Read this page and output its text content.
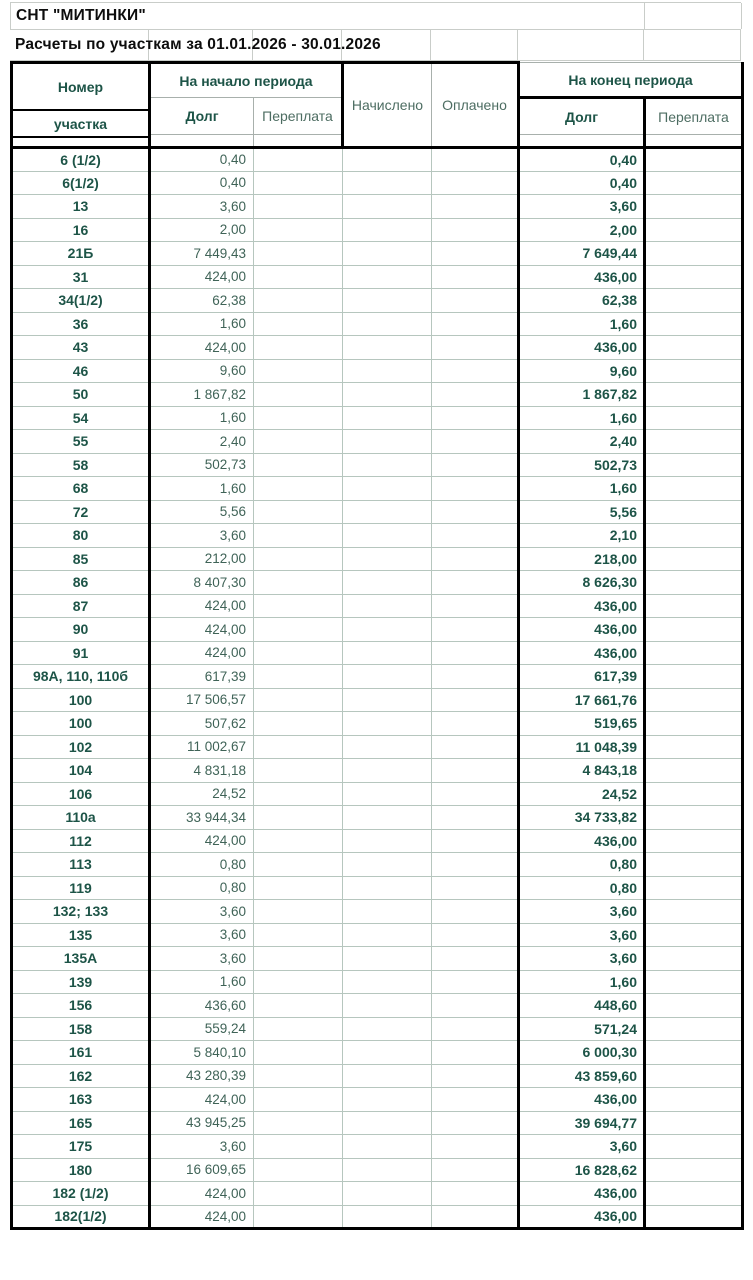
СНТ "МИТИНКИ"
Расчеты по участкам за 01.01.2026 - 30.01.2026
Номер
участка	На начало периода		Начислено	Оплачено	На конец периода	
	Долг	Переплата			Долг	Переплата

6 (1/2)	0,40				0,40	
6(1/2)	0,40				0,40	
13	3,60				3,60	
16	2,00				2,00	
21Б	7 449,43				7 649,44	
31	424,00				436,00	
34(1/2)	62,38				62,38	
36	1,60				1,60	
43	424,00				436,00	
46	9,60				9,60	
50	1 867,82				1 867,82	
54	1,60				1,60	
55	2,40				2,40	
58	502,73				502,73	
68	1,60				1,60	
72	5,56				5,56	
80	3,60				2,10	
85	212,00				218,00	
86	8 407,30				8 626,30	
87	424,00				436,00	
90	424,00				436,00	
91	424,00				436,00	
98А, 110, 110б	617,39				617,39	
100	17 506,57				17 661,76	
100	507,62				519,65	
102	11 002,67				11 048,39	
104	4 831,18				4 843,18	
106	24,52				24,52	
110а	33 944,34				34 733,82	
112	424,00				436,00	
113	0,80				0,80	
119	0,80				0,80	
132; 133	3,60				3,60	
135	3,60				3,60	
135А	3,60				3,60	
139	1,60				1,60	
156	436,60				448,60	
158	559,24				571,24	
161	5 840,10				6 000,30	
162	43 280,39				43 859,60	
163	424,00				436,00	
165	43 945,25				39 694,77	
175	3,60				3,60	
180	16 609,65				16 828,62	
182 (1/2)	424,00				436,00	
182(1/2)	424,00				436,00	
